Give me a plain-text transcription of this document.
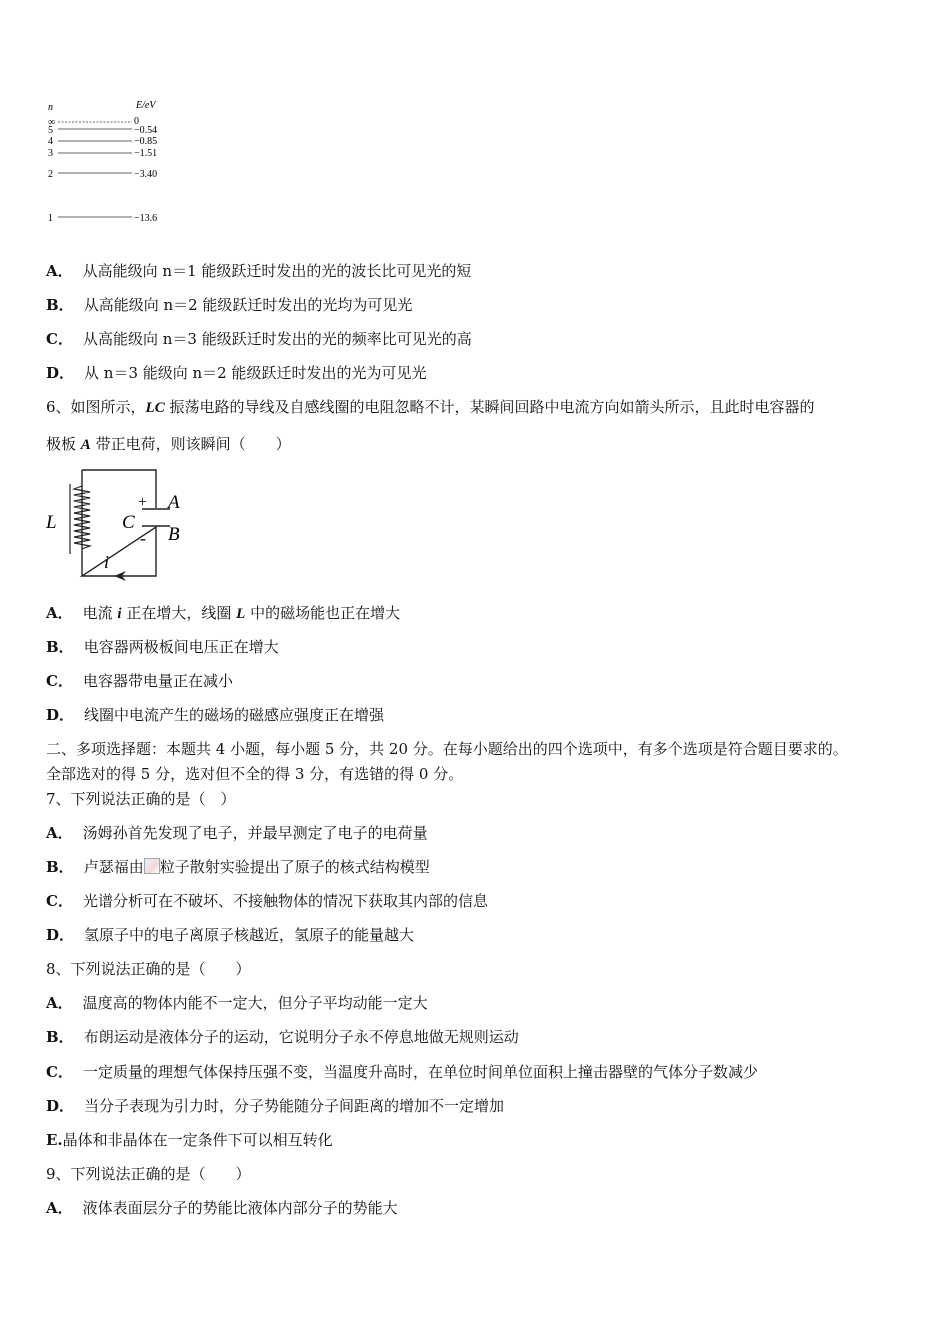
n	E/eV
∞
5
4
3
2
1
0
−0.54
−0.85
−1.51
−3.40
−13.6
A． 从高能级向 n＝1 能级跃迁时发出的光的波长比可见光的短
B． 从高能级向 n＝2 能级跃迁时发出的光均为可见光
C． 从高能级向 n＝3 能级跃迁时发出的光的频率比可见光的高
D． 从 n＝3 能级向 n＝2 能级跃迁时发出的光为可见光
6、如图所示，LC 振荡电路的导线及自感线圈的电阻忽略不计，某瞬间回路中电流方向如箭头所示，且此时电容器的
极板 A 带正电荷，则该瞬间（　　）
L	C
+
-
A
B
i
A． 电流 i 正在增大，线圈 L 中的磁场能也正在增大
B． 电容器两极板间电压正在增大
C． 电容器带电量正在减小
D． 线圈中电流产生的磁场的磁感应强度正在增强
二、多项选择题：本题共 4 小题，每小题 5 分，共 20 分。在每小题给出的四个选项中，有多个选项是符合题目要求的。
全部选对的得 5 分，选对但不全的得 3 分，有选错的得 0 分。
7、下列说法正确的是（　）
A． 汤姆孙首先发现了电子，并最早测定了电子的电荷量
B． 卢瑟福由 粒子散射实验提出了原子的核式结构模型
C． 光谱分析可在不破坏、不接触物体的情况下获取其内部的信息
D． 氢原子中的电子离原子核越近，氢原子的能量越大
8、下列说法正确的是（　　）
A． 温度高的物体内能不一定大，但分子平均动能一定大
B． 布朗运动是液体分子的运动，它说明分子永不停息地做无规则运动
C． 一定质量的理想气体保持压强不变，当温度升高时，在单位时间单位面积上撞击器壁的气体分子数减少
D． 当分子表现为引力时，分子势能随分子间距离的增加不一定增加
E.晶体和非晶体在一定条件下可以相互转化
9、下列说法正确的是（　　）
A． 液体表面层分子的势能比液体内部分子的势能大
